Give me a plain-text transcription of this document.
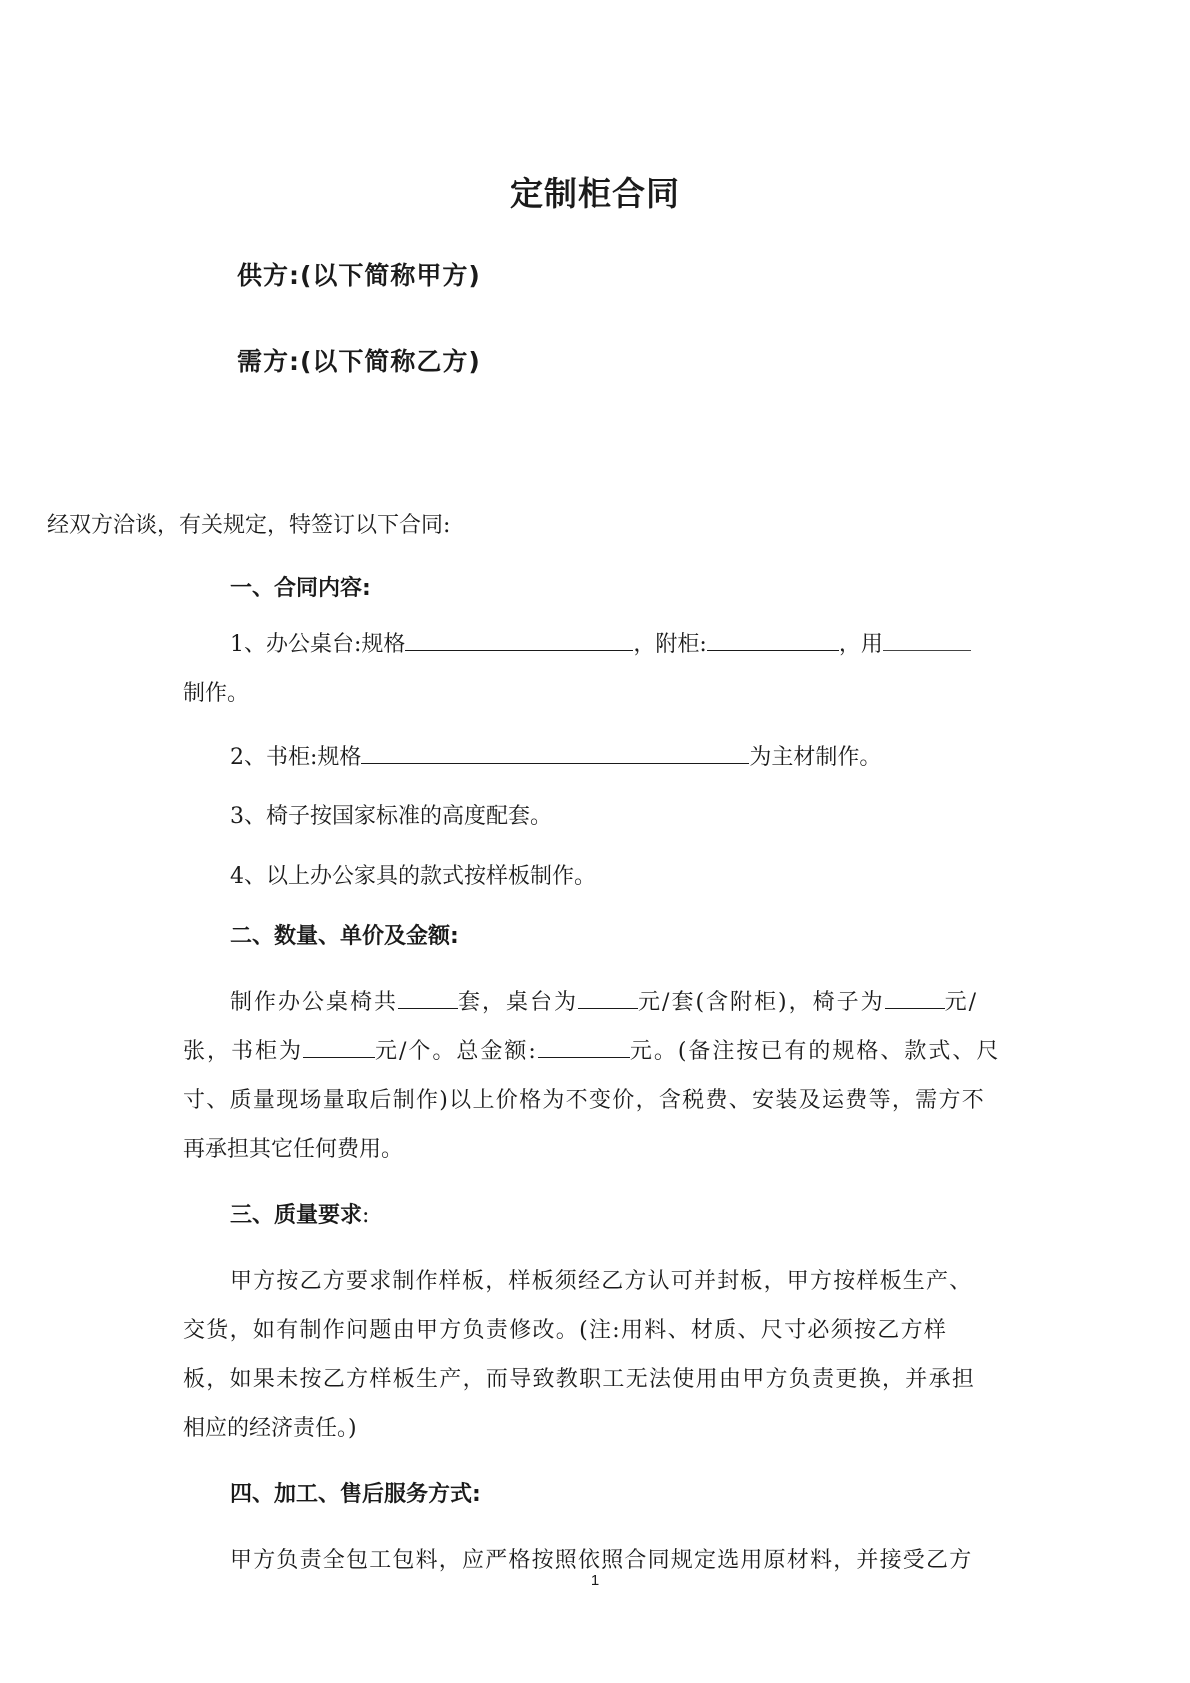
定制柜合同
供方:(以下简称甲方)
需方:(以下简称乙方)
经双方洽谈，有关规定，特签订以下合同:
一、合同内容:
1、办公桌台:规格	，附柜:	，用
制作。
2、书柜:规格	为主材制作。
3、椅子按国家标准的高度配套。
4、以上办公家具的款式按样板制作。
二、数量、单价及金额:
制作办公桌椅共	套，桌台为	元/套(含附柜)，椅子为	元/
张，书柜为	元/个。总金额:	元。(备注按已有的规格、款式、尺
寸、质量现场量取后制作)以上价格为不变价，含税费、安装及运费等，需方不
再承担其它任何费用。
三、质量要求:
甲方按乙方要求制作样板，样板须经乙方认可并封板，甲方按样板生产、
交货，如有制作问题由甲方负责修改。(注:用料、材质、尺寸必须按乙方样
板，如果未按乙方样板生产，而导致教职工无法使用由甲方负责更换，并承担
相应的经济责任。)
四、加工、售后服务方式:
甲方负责全包工包料，应严格按照依照合同规定选用原材料，并接受乙方
1
